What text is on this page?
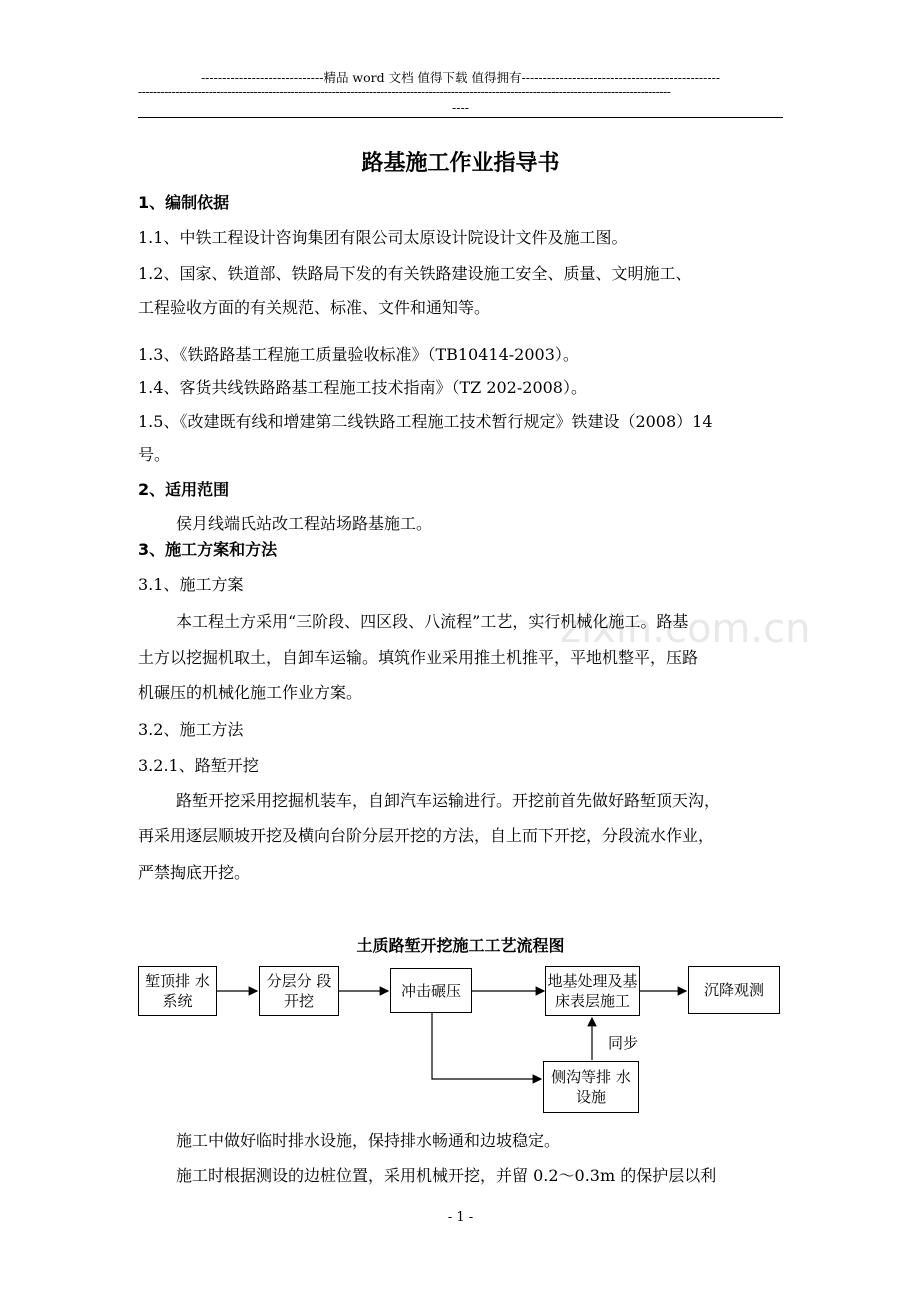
zixin.com.cn
-----------------------------精品 word 文档 值得下载 值得拥有-----------------------------------------------
-----------------------------------------------------------------------------------------------------------------------------------------------
----
路基施工作业指导书
1、编制依据
1.1、中铁工程设计咨询集团有限公司太原设计院设计文件及施工图。
1.2、国家、铁道部、铁路局下发的有关铁路建设施工安全、质量、文明施工、
工程验收方面的有关规范、标准、文件和通知等。
1.3、《铁路路基工程施工质量验收标准》（TB10414-2003）。
1.4、客货共线铁路路基工程施工技术指南》（TZ 202-2008）。
1.5、《改建既有线和增建第二线铁路工程施工技术暂行规定》铁建设（2008）14
号。
2、适用范围
侯月线端氏站改工程站场路基施工。
3、施工方案和方法
3.1、施工方案
本工程土方采用“三阶段、四区段、八流程”工艺，实行机械化施工。路基
土方以挖掘机取土，自卸车运输。填筑作业采用推土机推平，平地机整平，压路
机碾压的机械化施工作业方案。
3.2、施工方法
3.2.1、路堑开挖
路堑开挖采用挖掘机装车，自卸汽车运输进行。开挖前首先做好路堑顶天沟，
再采用逐层顺坡开挖及横向台阶分层开挖的方法，自上而下开挖，分段流水作业，
严禁掏底开挖。
土质路堑开挖施工工艺流程图
堑顶排 水
系统
分层分 段
开挖
冲击碾压
地基处理及基
床表层施工
沉降观测
侧沟等排 水
设施
同步
施工中做好临时排水设施，保持排水畅通和边坡稳定。
施工时根据测设的边桩位置，采用机械开挖，并留 0.2～0.3m 的保护层以利
- 1 -
